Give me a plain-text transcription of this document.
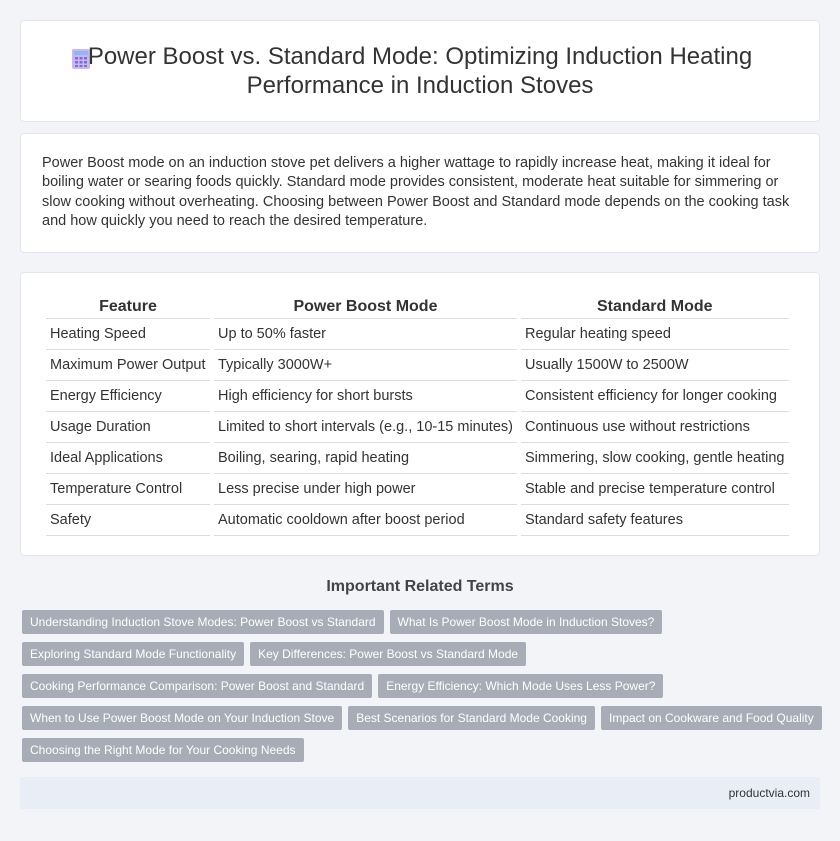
Power Boost vs. Standard Mode: Optimizing Induction Heating Performance in Induction Stoves

Power Boost mode on an induction stove pet delivers a higher wattage to rapidly increase heat, making it ideal for boiling water or searing foods quickly. Standard mode provides consistent, moderate heat suitable for simmering or slow cooking without overheating. Choosing between Power Boost and Standard mode depends on the cooking task and how quickly you need to reach the desired temperature.

Feature	Power Boost Mode	Standard Mode
Heating Speed	Up to 50% faster	Regular heating speed
Maximum Power Output	Typically 3000W+	Usually 1500W to 2500W
Energy Efficiency	High efficiency for short bursts	Consistent efficiency for longer cooking
Usage Duration	Limited to short intervals (e.g., 10-15 minutes)	Continuous use without restrictions
Ideal Applications	Boiling, searing, rapid heating	Simmering, slow cooking, gentle heating
Temperature Control	Less precise under high power	Stable and precise temperature control
Safety	Automatic cooldown after boost period	Standard safety features
Important Related Terms
Understanding Induction Stove Modes: Power Boost vs Standard	What Is Power Boost Mode in Induction Stoves?
Exploring Standard Mode Functionality	Key Differences: Power Boost vs Standard Mode
Cooking Performance Comparison: Power Boost and Standard	Energy Efficiency: Which Mode Uses Less Power?
When to Use Power Boost Mode on Your Induction Stove	Best Scenarios for Standard Mode Cooking	Impact on Cookware and Food Quality
Choosing the Right Mode for Your Cooking Needs
productvia.com
